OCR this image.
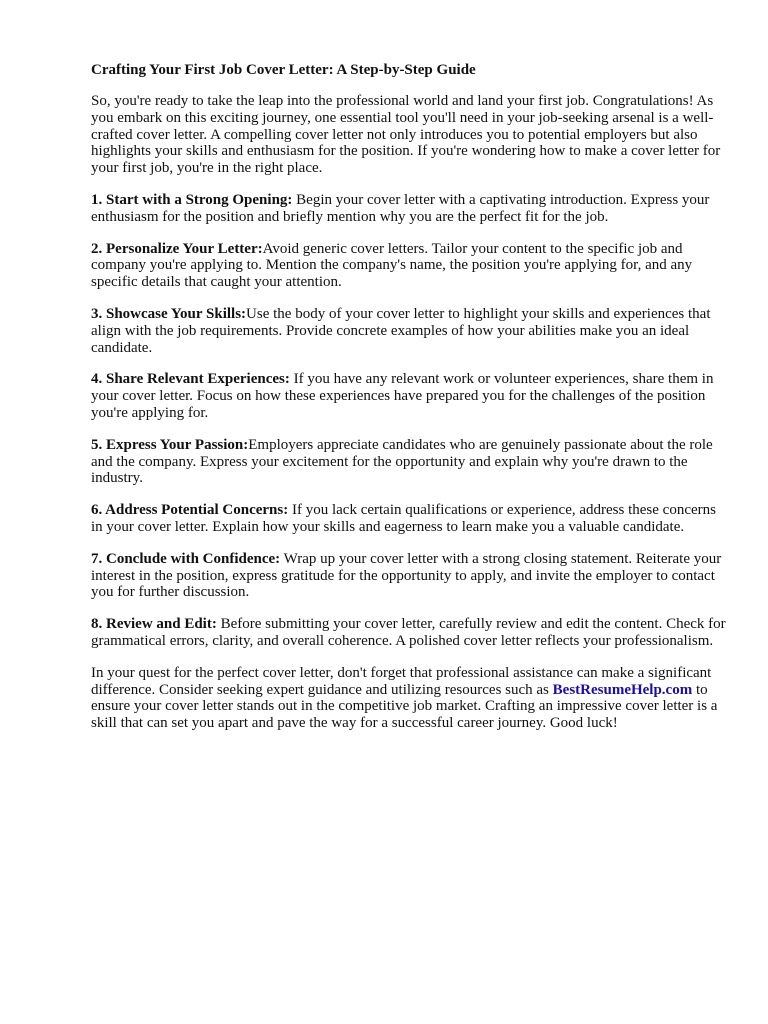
Crafting Your First Job Cover Letter: A Step-by-Step Guide

So, you're ready to take the leap into the professional world and land your first job. Congratulations! As you embark on this exciting journey, one essential tool you'll need in your job-seeking arsenal is a well-crafted cover letter. A compelling cover letter not only introduces you to potential employers but also highlights your skills and enthusiasm for the position. If you're wondering how to make a cover letter for your first job, you're in the right place.

1. Start with a Strong Opening: Begin your cover letter with a captivating introduction. Express your enthusiasm for the position and briefly mention why you are the perfect fit for the job.

2. Personalize Your Letter:Avoid generic cover letters. Tailor your content to the specific job and company you're applying to. Mention the company's name, the position you're applying for, and any specific details that caught your attention.

3. Showcase Your Skills:Use the body of your cover letter to highlight your skills and experiences that align with the job requirements. Provide concrete examples of how your abilities make you an ideal candidate.

4. Share Relevant Experiences: If you have any relevant work or volunteer experiences, share them in your cover letter. Focus on how these experiences have prepared you for the challenges of the position you're applying for.

5. Express Your Passion:Employers appreciate candidates who are genuinely passionate about the role and the company. Express your excitement for the opportunity and explain why you're drawn to the industry.

6. Address Potential Concerns: If you lack certain qualifications or experience, address these concerns in your cover letter. Explain how your skills and eagerness to learn make you a valuable candidate.

7. Conclude with Confidence: Wrap up your cover letter with a strong closing statement. Reiterate your interest in the position, express gratitude for the opportunity to apply, and invite the employer to contact you for further discussion.

8. Review and Edit: Before submitting your cover letter, carefully review and edit the content. Check for grammatical errors, clarity, and overall coherence. A polished cover letter reflects your professionalism.

In your quest for the perfect cover letter, don't forget that professional assistance can make a significant difference. Consider seeking expert guidance and utilizing resources such as BestResumeHelp.com to ensure your cover letter stands out in the competitive job market. Crafting an impressive cover letter is a skill that can set you apart and pave the way for a successful career journey. Good luck!
